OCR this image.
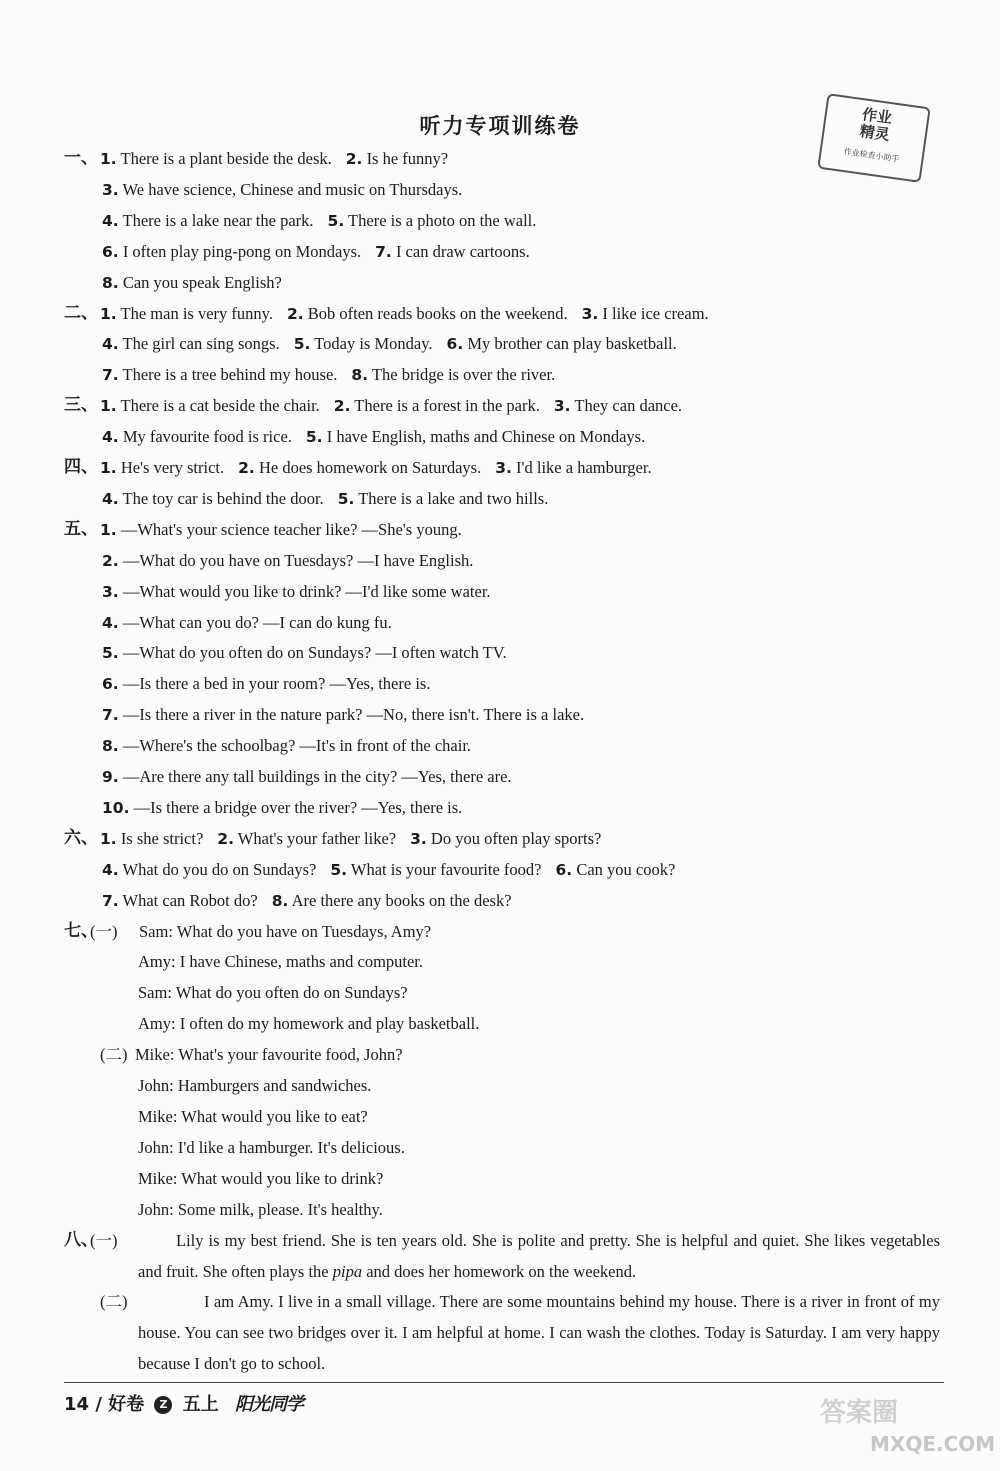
听力专项训练卷	作业
精灵
作业检查小助手
一、 1. There is a plant beside the desk. 2. Is he funny?
3. We have science, Chinese and music on Thursdays.
4. There is a lake near the park. 5. There is a photo on the wall.
6. I often play ping-pong on Mondays. 7. I can draw cartoons.
8. Can you speak English?
二、 1. The man is very funny. 2. Bob often reads books on the weekend. 3. I like ice cream.
4. The girl can sing songs. 5. Today is Monday. 6. My brother can play basketball.
7. There is a tree behind my house. 8. The bridge is over the river.
三、 1. There is a cat beside the chair. 2. There is a forest in the park. 3. They can dance.
4. My favourite food is rice. 5. I have English, maths and Chinese on Mondays.
四、 1. He's very strict. 2. He does homework on Saturdays. 3. I'd like a hamburger.
4. The toy car is behind the door. 5. There is a lake and two hills.
五、 1. —What's your science teacher like? —She's young.
2. —What do you have on Tuesdays? —I have English.
3. —What would you like to drink? —I'd like some water.
4. —What can you do? —I can do kung fu.
5. —What do you often do on Sundays? —I often watch TV.
6. —Is there a bed in your room? —Yes, there is.
7. —Is there a river in the nature park? —No, there isn't. There is a lake.
8. —Where's the schoolbag? —It's in front of the chair.
9. —Are there any tall buildings in the city? —Yes, there are.
10. —Is there a bridge over the river? —Yes, there is.
六、 1. Is she strict? 2. What's your father like? 3. Do you often play sports?
4. What do you do on Sundays? 5. What is your favourite food? 6. Can you cook?
7. What can Robot do? 8. Are there any books on the desk?
七、
(一) Sam: What do you have on Tuesdays, Amy?
Amy: I have Chinese, maths and computer.
Sam: What do you often do on Sundays?
Amy: I often do my homework and play basketball.
(二) Mike: What's your favourite food, John?
John: Hamburgers and sandwiches.
Mike: What would you like to eat?
John: I'd like a hamburger. It's delicious.
Mike: What would you like to drink?
John: Some milk, please. It's healthy.
八、
(一)	Lily is my best friend. She is ten years old. She is polite and pretty. She is helpful and quiet. She likes vegetables and fruit. She often plays the pipa and does her homework on the weekend.
(二)	I am Amy. I live in a small village. There are some mountains behind my house. There is a river in front of my house. You can see two bridges over it. I am helpful at home. I can wash the clothes. Today is Saturday. I am very happy because I don't go to school.
14 / 好卷 Z 五上 阳光同学	答案圈
MXQE.COM
